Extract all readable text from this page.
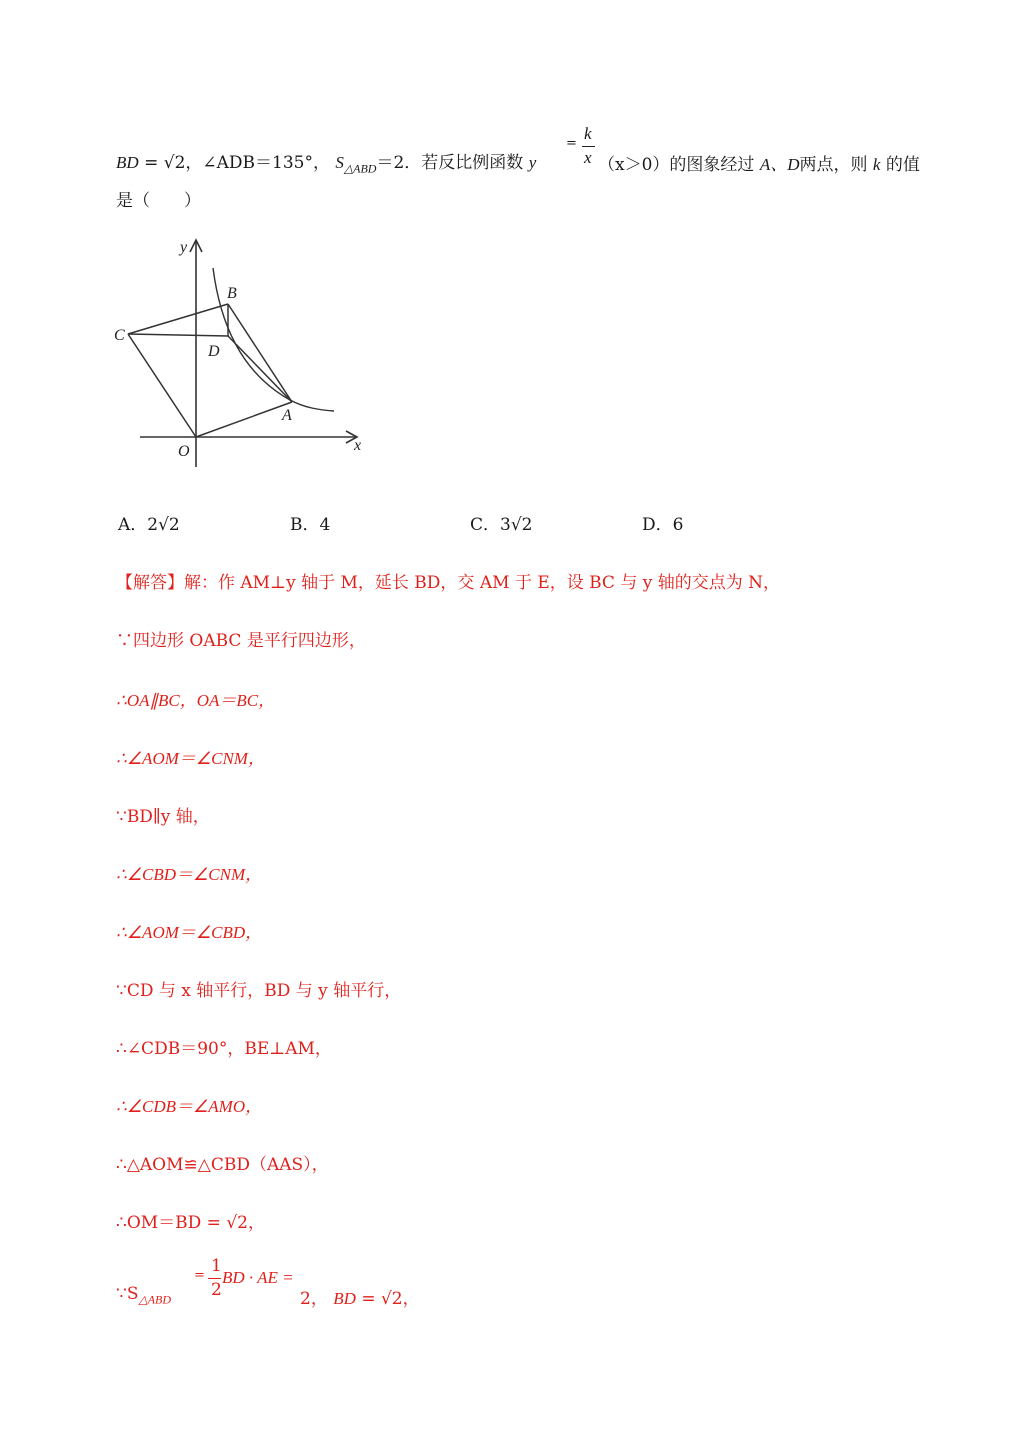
BD = √2，∠ADB＝135°， $S_{\triangle ABD}=2$．若反比例函数 y
=
k
x （x＞0）的图象经过 A、D两点，则 k 的值
是（　　）
y
x
O
A
B
C
D
A．2√2	B．4	C．3√2	D．6
【解答】解：作 AM⊥y 轴于 M，延长 BD，交 AM 于 E，设 BC 与 y 轴的交点为 N，
∵四边形 OABC 是平行四边形，
∴OA∥BC，OA＝BC，
∴∠AOM＝∠CNM，
∵BD∥y 轴，
∴∠CBD＝∠CNM，
∴∠AOM＝∠CBD，
∵CD 与 x 轴平行，BD 与 y 轴平行，
∴∠CDB＝90°，BE⊥AM，
∴∠CDB＝∠AMO，
∴△AOM≌△CBD（AAS），
∴OM＝BD = √2，
$\because S_{\triangle ABD}$
= 1
2
BD · AE =
2， BD = √2，
